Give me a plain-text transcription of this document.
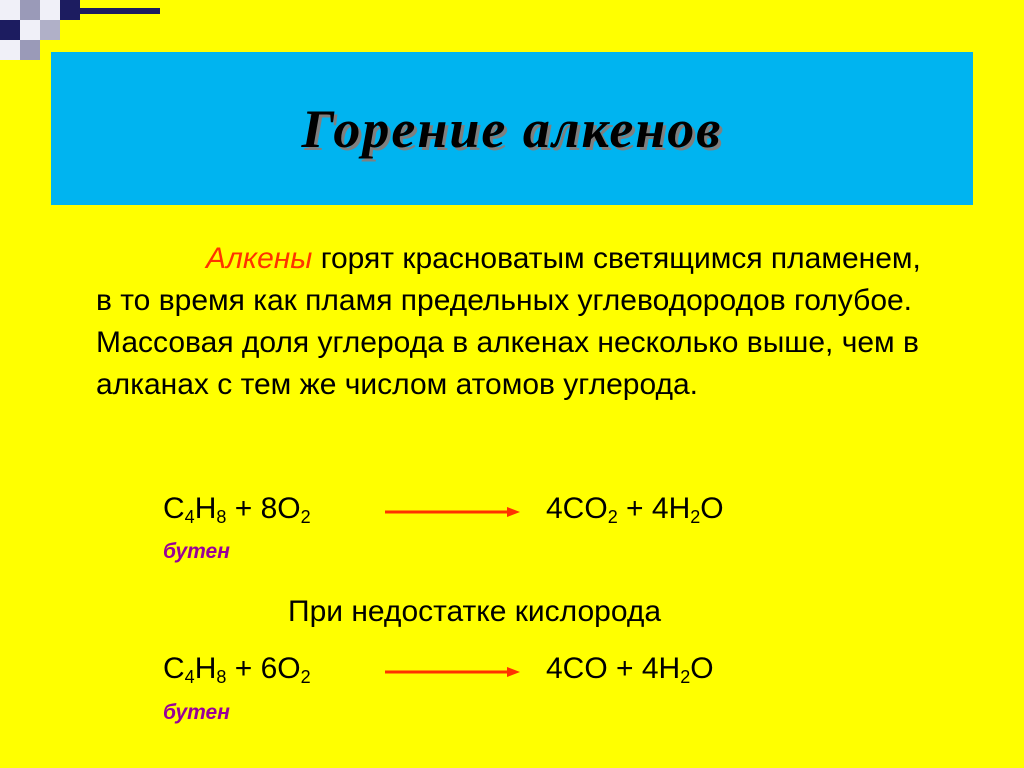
Горение алкенов

Алкены горят красноватым светящимся пламенем, в то время как пламя предельных углеводородов голубое. Массовая доля углерода в алкенах несколько выше, чем в алканах с тем же числом атомов углерода.

$C_4H_8 + 8O_2$	$4CO_2 + 4H_2O$

бутен

При недостатке кислорода

$C_4H_8 + 6O_2$	$4CO + 4H_2O$

бутен
